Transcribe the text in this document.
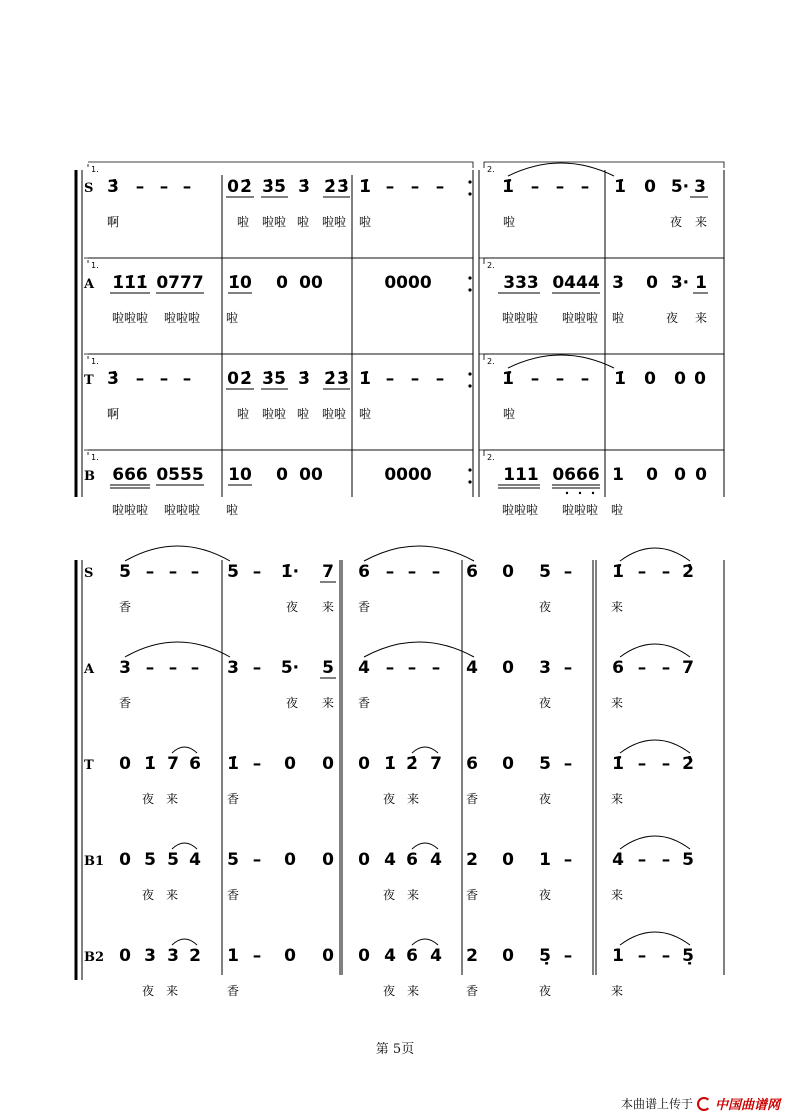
1.	2.
S 3̇ – – – 0 2̇ 3̇ 5̇ 3̇ 2̇ 3̇ 1̇ – – –	1̇ – – – 1̇ 0 5· 3
啊	啦 啦啦 啦 啦啦 啦	啦	夜 来
1.	2.
A 1̇1̇1̇ 0777 1̇0 0 00	0000	333 0444 3 0 3· 1
啦啦啦 啦啦啦 啦	啦啦啦 啦啦啦 啦	夜 来
1.	2.
T 3̇ – – – 0 2̇ 3̇ 5̇ 3̇ 2̇ 3̇ 1̇ – – –	1̇ – – – 1̇ 0 0 0
啊	啦 啦啦 啦 啦啦 啦	啦
1.	2.
B 666 0555 10 0 00	0000	111 0666 1 0 0 0
啦啦啦 啦啦啦 啦	啦啦啦 啦啦啦 啦
S 5 – – – 5 – 1̇· 7 6 – – – 6 0 5 – 1̇ – – 2̇
香	夜 来 香	夜	来
A 3 – – – 3 – 5· 5 4 – – – 4 0 3 – 6 – – 7
香	夜 来 香	夜	来
T 0 1̇ 7 6 1̇ – 0 0 0 1̇ 2̇ 7 6 0 5 – 1̇ – – 2̇
夜 来	香	夜 来	香	夜	来
B1 0 5 5 4 5 – 0 0 0 4 6 4 2 0 1 – 4 – – 5
夜 来	香	夜 来	香	夜	来
B2 0 3 3 2 1 – 0 0 0 4 6 4 2 0 5̣ – 1 – – 5̣
夜 来	香	夜 来	香	夜	来
第 5页
本曲谱上传于 中国曲谱网
